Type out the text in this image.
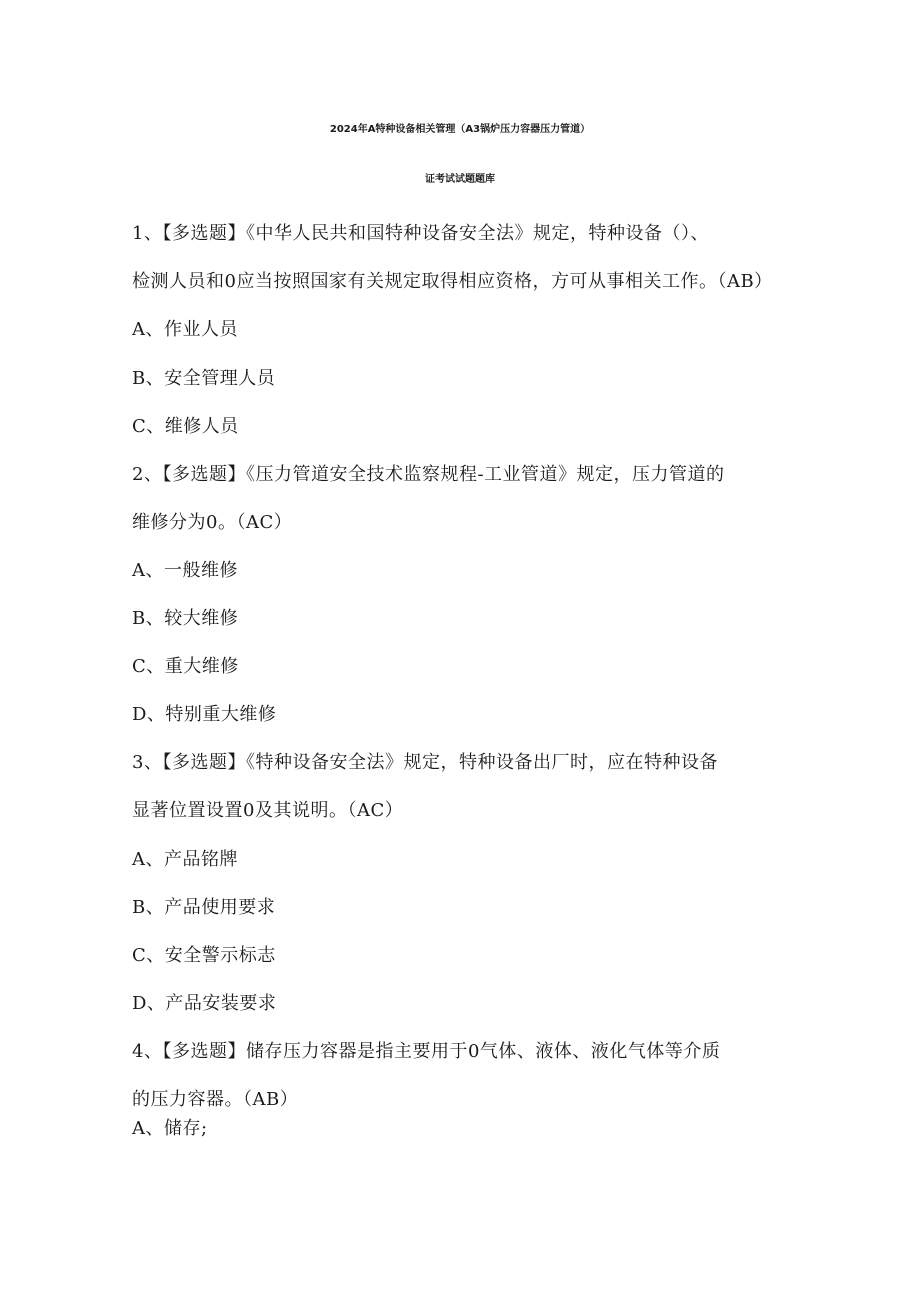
2024年A特种设备相关管理（A3锅炉压力容器压力管道）
证考试试题题库
1、【多选题】《中华人民共和国特种设备安全法》规定，特种设备（）、
检测人员和0应当按照国家有关规定取得相应资格，方可从事相关工作。（AB）
A、作业人员
B、安全管理人员
C、维修人员
2、【多选题】《压力管道安全技术监察规程-工业管道》规定，压力管道的
维修分为0。（AC）
A、一般维修
B、较大维修
C、重大维修
D、特别重大维修
3、【多选题】《特种设备安全法》规定，特种设备出厂时，应在特种设备
显著位置设置0及其说明。（AC）
A、产品铭牌
B、产品使用要求
C、安全警示标志
D、产品安装要求
4、【多选题】储存压力容器是指主要用于0气体、液体、液化气体等介质
的压力容器。（AB）
A、储存;
